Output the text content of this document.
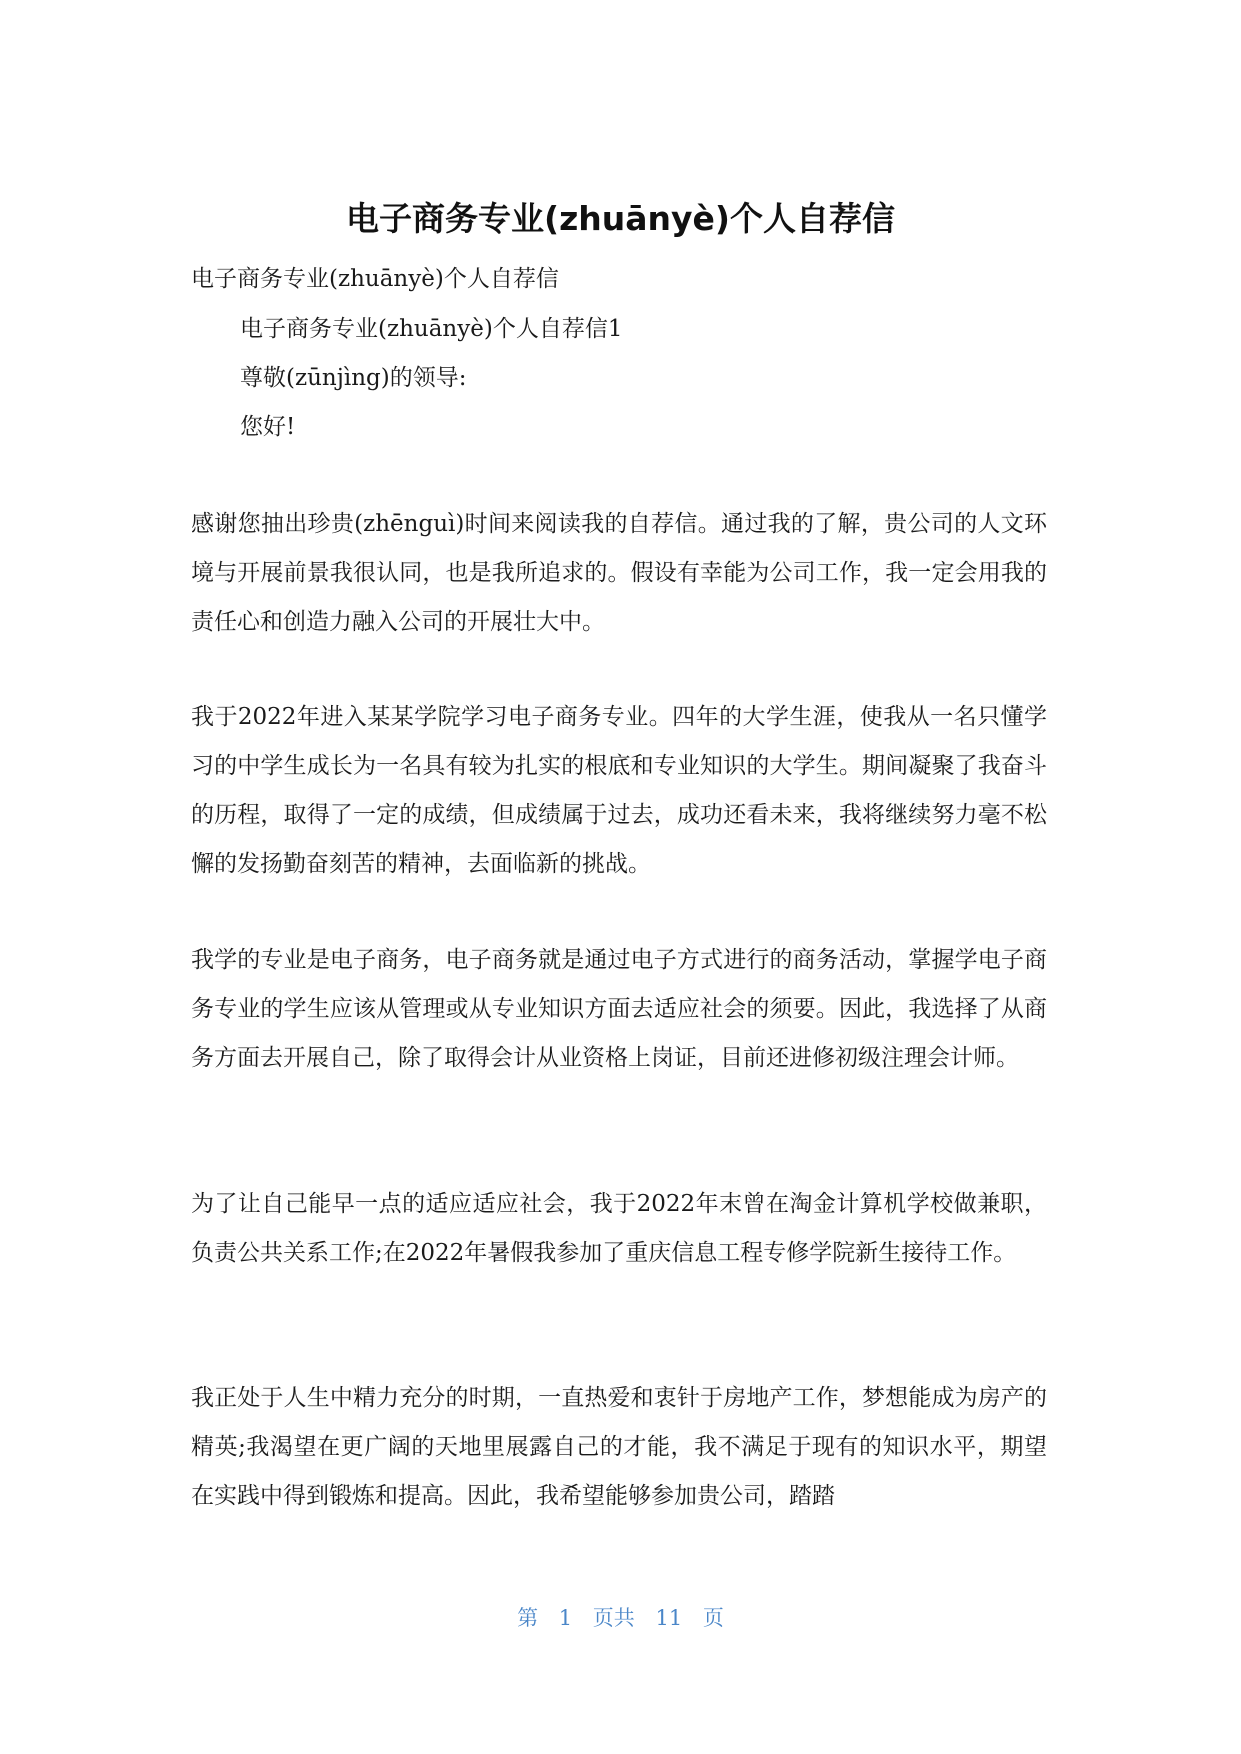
电子商务专业(zhuānyè)个人自荐信

电子商务专业(zhuānyè)个人自荐信

电子商务专业(zhuānyè)个人自荐信1

尊敬(zūnjìng)的领导:

您好!

感谢您抽出珍贵(zhēnguì)时间来阅读我的自荐信。通过我的了解，贵公司的人文环境与开展前景我很认同，也是我所追求的。假设有幸能为公司工作，我一定会用我的责任心和创造力融入公司的开展壮大中。

我于2022年进入某某学院学习电子商务专业。四年的大学生涯，使我从一名只懂学习的中学生成长为一名具有较为扎实的根底和专业知识的大学生。期间凝聚了我奋斗的历程，取得了一定的成绩，但成绩属于过去，成功还看未来，我将继续努力毫不松懈的发扬勤奋刻苦的精神，去面临新的挑战。

我学的专业是电子商务，电子商务就是通过电子方式进行的商务活动，掌握学电子商务专业的学生应该从管理或从专业知识方面去适应社会的须要。因此，我选择了从商务方面去开展自己，除了取得会计从业资格上岗证，目前还进修初级注理会计师。

为了让自己能早一点的适应适应社会，我于2022年末曾在淘金计算机学校做兼职，负责公共关系工作;在2022年暑假我参加了重庆信息工程专修学院新生接待工作。

我正处于人生中精力充分的时期，一直热爱和衷针于房地产工作，梦想能成为房产的精英;我渴望在更广阔的天地里展露自己的才能，我不满足于现有的知识水平，期望在实践中得到锻炼和提高。因此，我希望能够参加贵公司，踏踏

第 1 页共 11 页
